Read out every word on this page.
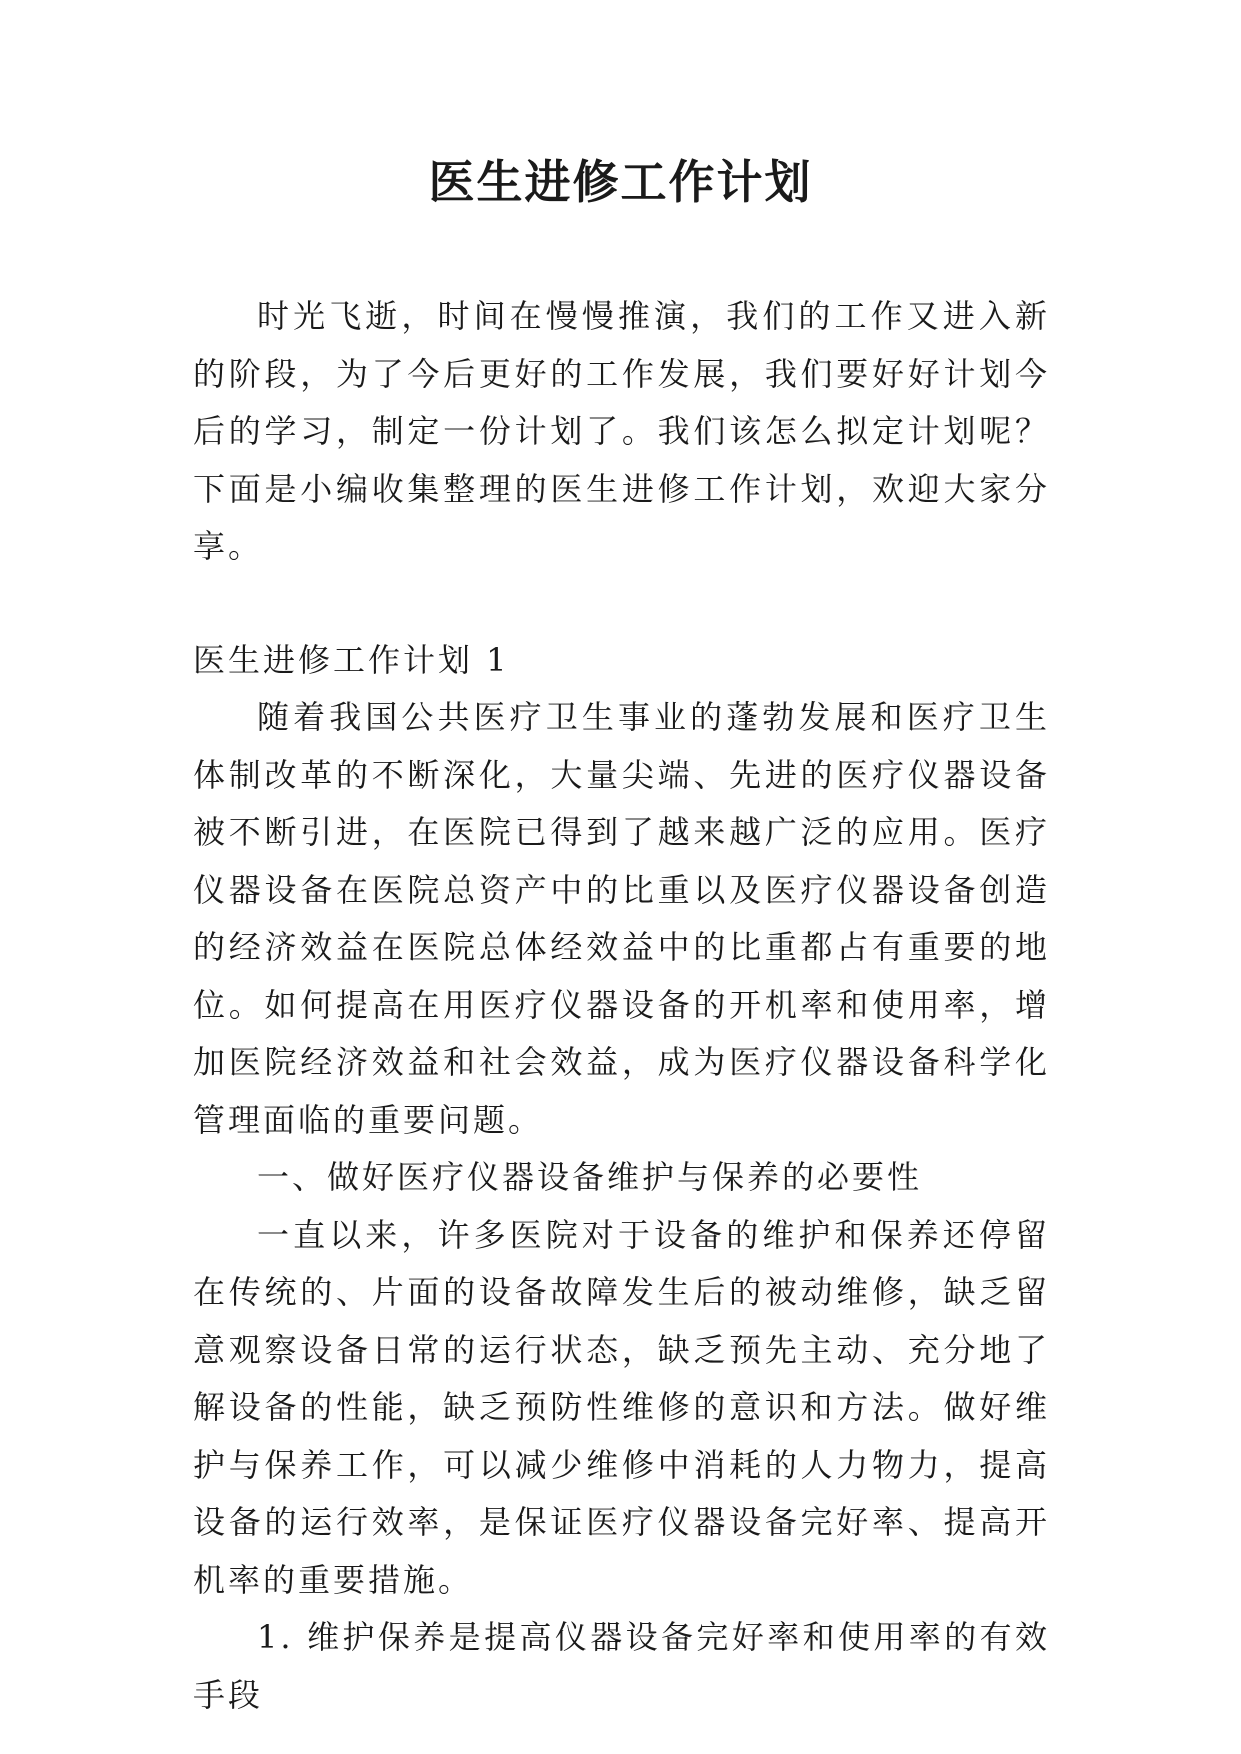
医生进修工作计划

时光飞逝，时间在慢慢推演，我们的工作又进入新的阶段，为了今后更好的工作发展，我们要好好计划今后的学习，制定一份计划了。我们该怎么拟定计划呢？下面是小编收集整理的医生进修工作计划，欢迎大家分享。

医生进修工作计划 1

随着我国公共医疗卫生事业的蓬勃发展和医疗卫生体制改革的不断深化，大量尖端、先进的医疗仪器设备被不断引进，在医院已得到了越来越广泛的应用。医疗仪器设备在医院总资产中的比重以及医疗仪器设备创造的经济效益在医院总体经效益中的比重都占有重要的地位。如何提高在用医疗仪器设备的开机率和使用率，增加医院经济效益和社会效益，成为医疗仪器设备科学化管理面临的重要问题。

一、做好医疗仪器设备维护与保养的必要性

一直以来，许多医院对于设备的维护和保养还停留在传统的、片面的设备故障发生后的被动维修，缺乏留意观察设备日常的运行状态，缺乏预先主动、充分地了解设备的性能，缺乏预防性维修的意识和方法。做好维护与保养工作，可以减少维修中消耗的人力物力，提高设备的运行效率，是保证医疗仪器设备完好率、提高开机率的重要措施。

1. 维护保养是提高仪器设备完好率和使用率的有效手段
